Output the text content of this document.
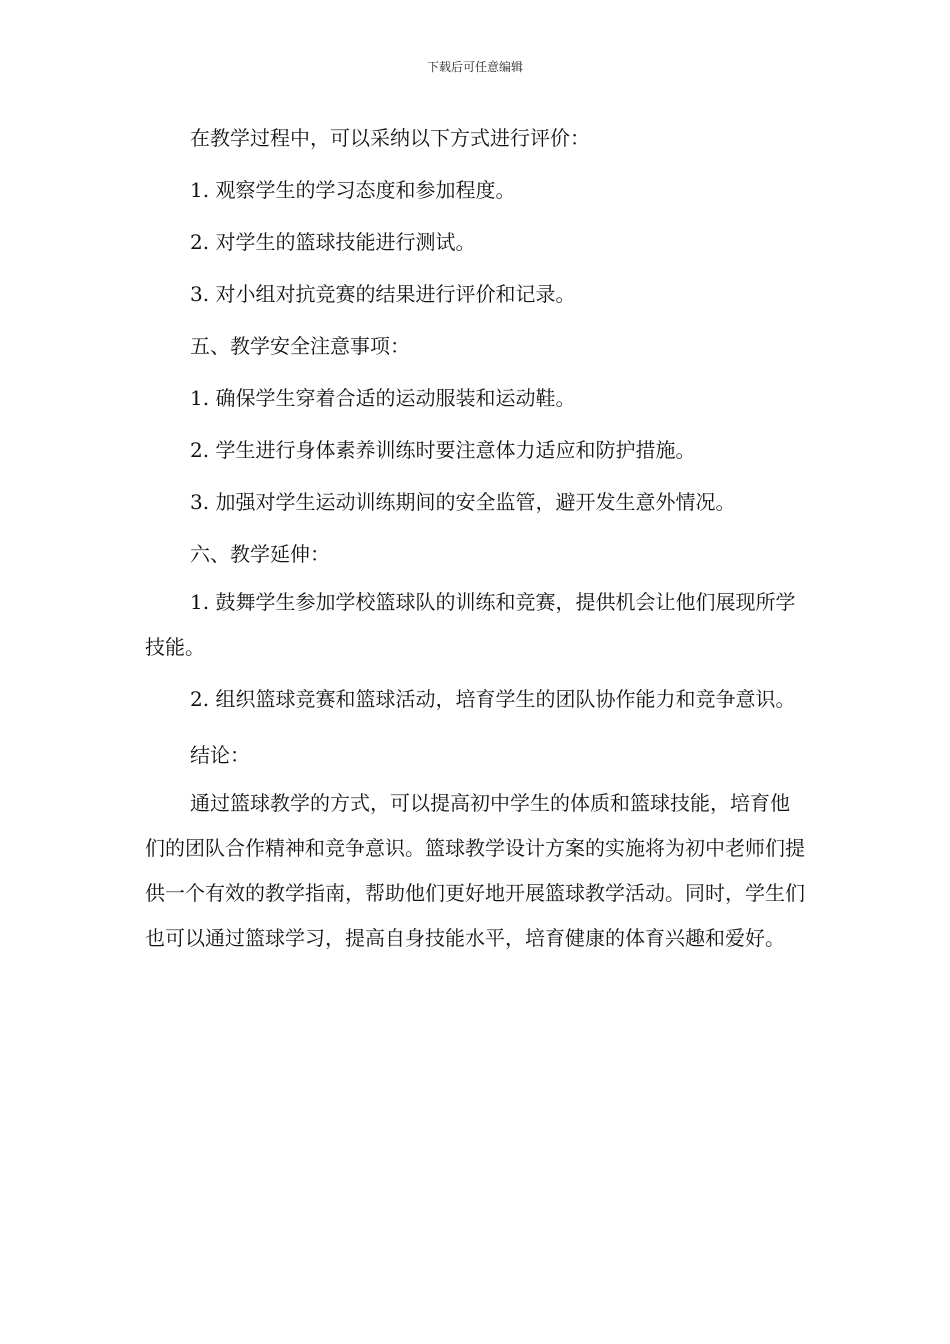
下载后可任意编辑

在教学过程中，可以采纳以下方式进行评价：

1. 观察学生的学习态度和参加程度。

2. 对学生的篮球技能进行测试。

3. 对小组对抗竞赛的结果进行评价和记录。

五、教学安全注意事项：

1. 确保学生穿着合适的运动服装和运动鞋。

2. 学生进行身体素养训练时要注意体力适应和防护措施。

3. 加强对学生运动训练期间的安全监管，避开发生意外情况。

六、教学延伸：

1. 鼓舞学生参加学校篮球队的训练和竞赛，提供机会让他们展现所学技能。

2. 组织篮球竞赛和篮球活动，培育学生的团队协作能力和竞争意识。

结论：

通过篮球教学的方式，可以提高初中学生的体质和篮球技能，培育他们的团队合作精神和竞争意识。篮球教学设计方案的实施将为初中老师们提供一个有效的教学指南，帮助他们更好地开展篮球教学活动。同时，学生们也可以通过篮球学习，提高自身技能水平，培育健康的体育兴趣和爱好。
